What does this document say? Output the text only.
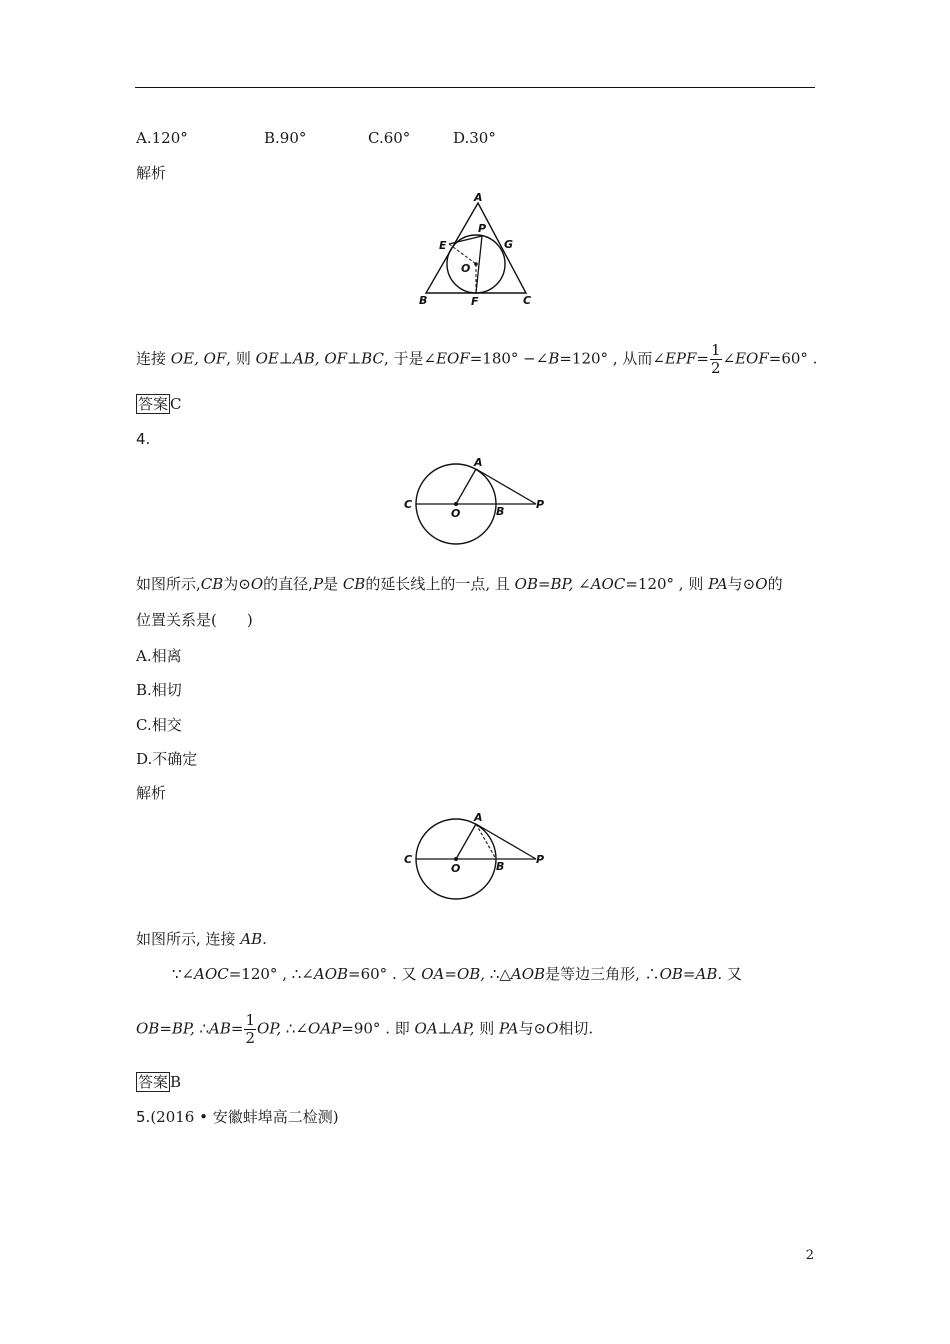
A.120°	B.90°	C.60°	D.30°
解析
A
P
E	G
O
B	F	C
连接 OE, OF, 则 OE⊥AB, OF⊥BC, 于是∠EOF=180° −∠B=120° , 从而∠EPF= $\frac{1}{2}$ ∠EOF=60° .
答案 C
4.
A
C
O	B
P
如图所示,CB为⊙O的直径,P是 CB的延长线上的一点, 且 OB=BP, ∠AOC=120° , 则 PA与⊙O的
位置关系是(　　)
A.相离
B.相切
C.相交
D.不确定
解析
A
C
O	B
P
如图所示, 连接 AB.
∵∠AOC=120° , ∴∠AOB=60° . 又 OA=OB, ∴△AOB是等边三角形, ∴OB=AB. 又
OB=BP, ∴AB= $\frac{1}{2}$ OP, ∴∠OAP=90° . 即 OA⊥AP, 则 PA与⊙O相切.
答案 B
5.(2016 • 安徽蚌埠高二检测)
2
